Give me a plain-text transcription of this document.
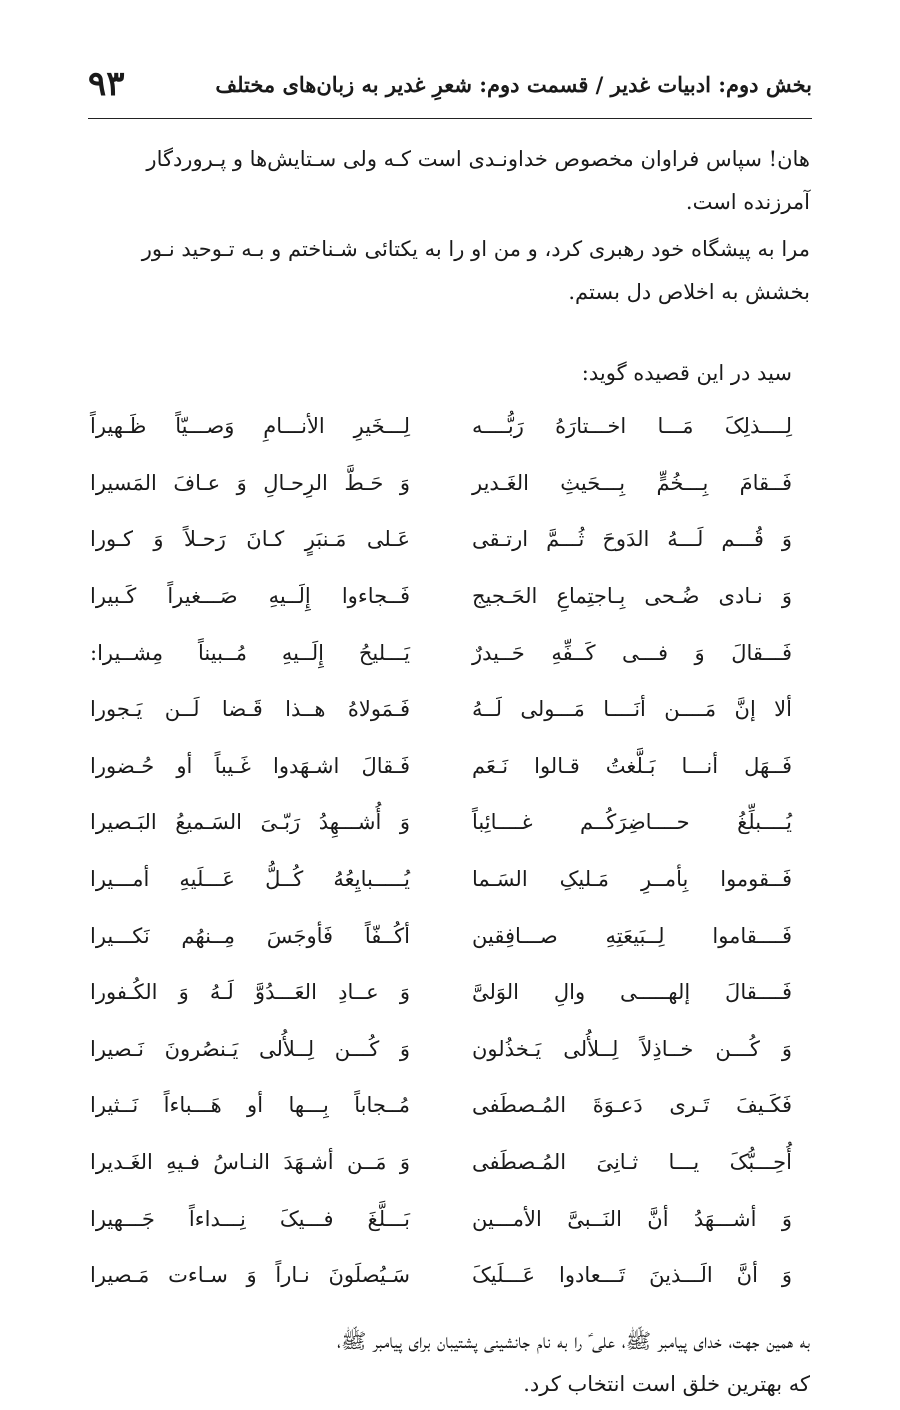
بخش دوم: ادبیات غدیر / قسمت دوم: شعرِ غدیر به زبان‌های مختلف
۹۳

هان! سپاس فراوان مخصوص خداونـدی است کـه ولی سـتایش‌ها و پـروردگار
آمرزنده است.

مرا به پیشگاه خود رهبری کرد، و من او را به یکتائی شـناختم و بـه تـوحید نـور
بخشش به اخلاص دل بستم.

سید در این قصیده گوید:
لِــــذلِکَ مَـــا اخـــتارَهُ رَبُّــــه
لِـــخَیرِ الأنـــامِ وَصـــیّاً ظَـهیراً
فَــقامَ بِـــخُمٍّ بِـــحَیثِ الغَـدیر
وَ حَـطَّ الرِحـالِ وَ عـافَ المَسیرا
وَ قُـــم لَـــهُ الدَوحَ ثُـــمَّ ارتـقی
عَـلی مَـنبَرٍ کـانَ رَحـلاً وَ کـورا
وَ نـادی ضُـحی بِـاجتِماعِ الحَـجیج
فَــجاءوا إِلَــیهِ صَـــغیراً کَـبیرا
فَـــقالَ وَ فـــی کَــفِّهِ حَــیدرٌ
یَـــلیحُ إِلَــیهِ مُــبیناً مِشــیرا:
ألا إنَّ مَــــن أنَــــا مَـــولی لَــهُ
فَـمَولاهُ هــذا قَـضا لَــن یَـجورا
فَــهَل أنـــا بَـلَّغتُ قـالوا نَـعَم
فَـقالَ اشـهَدوا غَـیباً أو حُـضورا
یُــــبلِّغُ حــــاضِرَکُــم غــــائِباً
وَ أُشـــهِدُ رَبّـیَ السَـمیعُ البَـصیرا
فَــقوموا بِأمــرِ مَـلیکِ السَـما
یُـــــبایِعُهُ کُــلُّ عَـــلَیهِ أمـــیرا
فَــــقاموا لِــبَیعَتِهِ صـــافِقین
أکُــفّاً فَأوجَسَ مِــنهُم نَکـــیرا
فَــــقالَ إلهـــــی والِ الوَلیَّ
وَ عــادِ العَـــدُوَّ لَـهُ وَ الکُـفورا
وَ کُـــن خــاذِلاً لِــلأُلی یَـخذُلون
وَ کُـــن لِــلأُلی یَـنصُرونَ نَـصیرا
فَکَـیفَ تَـری دَعـوَةَ المُـصطَفی
مُــجاباً بِـــها أو هَـــباءاً نَــثیرا
أُحِـــبُّکَ یـــا ثـانِیَ المُـصطَفی
وَ مَــن أشـهَدَ النـاسُ فـیهِ الغَـدیرا
وَ أشـــهَدُ أنَّ النَــبیَّ الأمـــین
بَـــلَّغَ فـــیکَ نِـــداءاً جَـــهیرا
وَ أنَّ الَـــذینَ تَـــعادوا عَـــلَیکَ
سَـیُصلَونَ نـاراً وَ سـاءت مَـصیرا

به همین جهت، خدای پیامبر ﷺ، علی ؑ را به نام جانشینی پشتیبان برای پیامبر ﷺ،
که بهترین خلق است انتخاب کرد.
